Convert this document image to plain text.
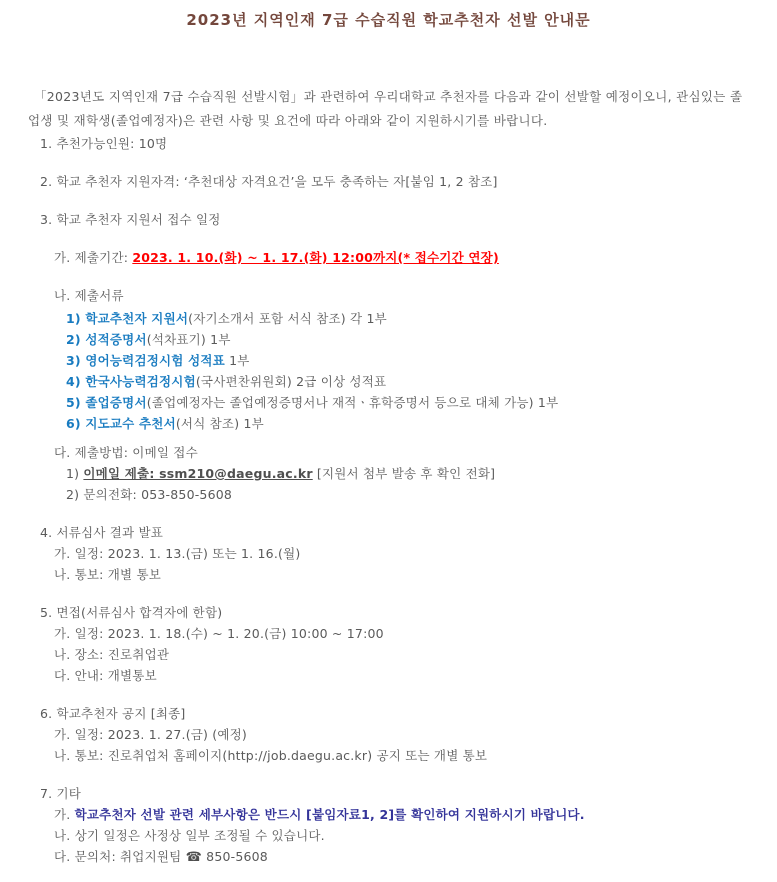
2023년 지역인재 7급 수습직원 학교추천자 선발 안내문

「2023년도 지역인재 7급 수습직원 선발시험」과 관련하여 우리대학교 추천자를 다음과 같이 선발할 예정이오니, 관심있는 졸업생 및 재학생(졸업예정자)은 관련 사항 및 요건에 따라 아래와 같이 지원하시기를 바랍니다.

1. 추천가능인원: 10명
2. 학교 추천자 지원자격: ‘추천대상 자격요건’을 모두 충족하는 자[붙임 1, 2 참조]
3. 학교 추천자 지원서 접수 일정
가. 제출기간: 2023. 1. 10.(화) ~ 1. 17.(화) 12:00까지(* 접수기간 연장)
나. 제출서류
1) 학교추천자 지원서(자기소개서 포함 서식 참조) 각 1부
2) 성적증명서(석차표기) 1부
3) 영어능력검정시험 성적표 1부
4) 한국사능력검정시험(국사편찬위원회) 2급 이상 성적표
5) 졸업증명서(졸업예정자는 졸업예정증명서나 재적ㆍ휴학증명서 등으로 대체 가능) 1부
6) 지도교수 추천서(서식 참조) 1부
다. 제출방법: 이메일 접수
1) 이메일 제출: ssm210@daegu.ac.kr [지원서 첨부 발송 후 확인 전화]
2) 문의전화: 053-850-5608
4. 서류심사 결과 발표
가. 일정: 2023. 1. 13.(금) 또는 1. 16.(월)
나. 통보: 개별 통보
5. 면접(서류심사 합격자에 한함)
가. 일정: 2023. 1. 18.(수) ~ 1. 20.(금) 10:00 ~ 17:00
나. 장소: 진로취업관
다. 안내: 개별통보
6. 학교추천자 공지 [최종]
가. 일정: 2023. 1. 27.(금) (예정)
나. 통보: 진로취업처 홈페이지(http://job.daegu.ac.kr) 공지 또는 개별 통보
7. 기타
가. 학교추천자 선발 관련 세부사항은 반드시 [붙임자료1, 2]를 확인하여 지원하시기 바랍니다.
나. 상기 일정은 사정상 일부 조정될 수 있습니다.
다. 문의처: 취업지원팀 ☎ 850-5608
